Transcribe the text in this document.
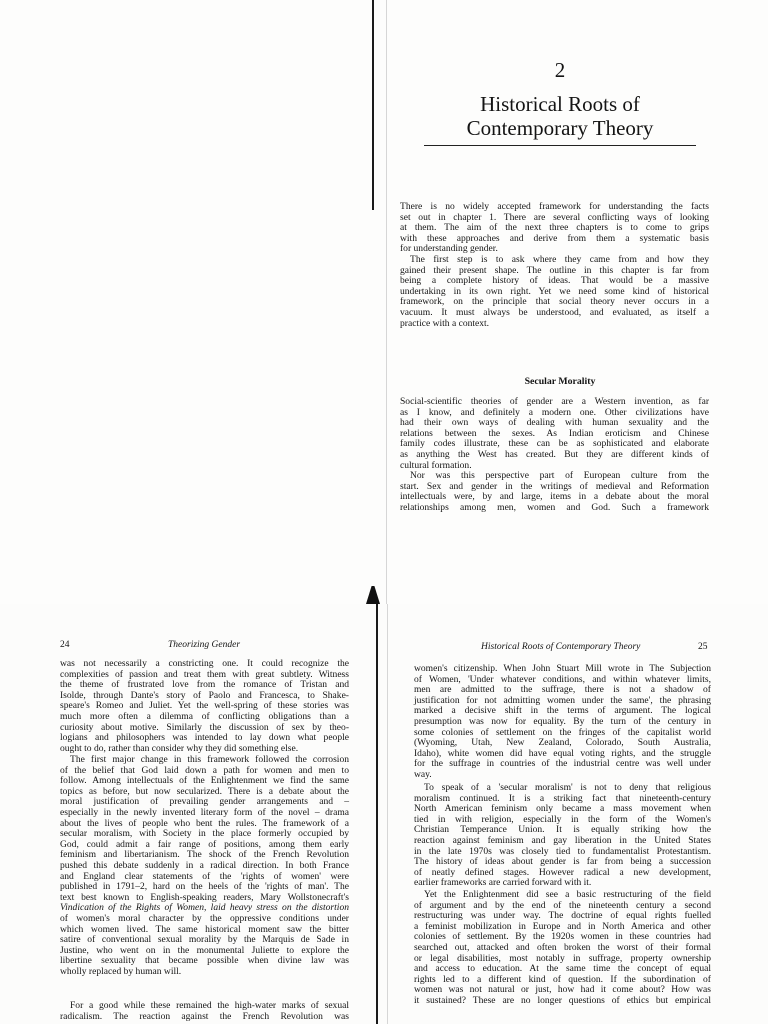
2
Historical Roots of
Contemporary Theory
There is no widely accepted framework for understanding the facts
set out in chapter 1. There are several conflicting ways of looking
at them. The aim of the next three chapters is to come to grips
with these approaches and derive from them a systematic basis
for understanding gender.
The first step is to ask where they came from and how they
gained their present shape. The outline in this chapter is far from
being a complete history of ideas. That would be a massive
undertaking in its own right. Yet we need some kind of historical
framework, on the principle that social theory never occurs in a
vacuum. It must always be understood, and evaluated, as itself a
practice with a context.
Secular Morality
Social-scientific theories of gender are a Western invention, as far
as I know, and definitely a modern one. Other civilizations have
had their own ways of dealing with human sexuality and the
relations between the sexes. As Indian eroticism and Chinese
family codes illustrate, these can be as sophisticated and elaborate
as anything the West has created. But they are different kinds of
cultural formation.
Nor was this perspective part of European culture from the
start. Sex and gender in the writings of medieval and Reformation
intellectuals were, by and large, items in a debate about the moral
relationships among men, women and God. Such a framework
24	Theorizing Gender
was not necessarily a constricting one. It could recognize the
complexities of passion and treat them with great subtlety. Witness
the theme of frustrated love from the romance of Tristan and
Isolde, through Dante's story of Paolo and Francesca, to Shake-
speare's Romeo and Juliet. Yet the well-spring of these stories was
much more often a dilemma of conflicting obligations than a
curiosity about motive. Similarly the discussion of sex by theo-
logians and philosophers was intended to lay down what people
ought to do, rather than consider why they did something else.
The first major change in this framework followed the corrosion
of the belief that God laid down a path for women and men to
follow. Among intellectuals of the Enlightenment we find the same
topics as before, but now secularized. There is a debate about the
moral justification of prevailing gender arrangements and –
especially in the newly invented literary form of the novel – drama
about the lives of people who bent the rules. The framework of a
secular moralism, with Society in the place formerly occupied by
God, could admit a fair range of positions, among them early
feminism and libertarianism. The shock of the French Revolution
pushed this debate suddenly in a radical direction. In both France
and England clear statements of the 'rights of women' were
published in 1791–2, hard on the heels of the 'rights of man'. The
text best known to English-speaking readers, Mary Wollstonecraft's
Vindication of the Rights of Women, laid heavy stress on the distortion
of women's moral character by the oppressive conditions under
which women lived. The same historical moment saw the bitter
satire of conventional sexual morality by the Marquis de Sade in
Justine, who went on in the monumental Juliette to explore the
libertine sexuality that became possible when divine law was
wholly replaced by human will.
For a good while these remained the high-water marks of sexual
radicalism. The reaction against the French Revolution was
Historical Roots of Contemporary Theory	25
women's citizenship. When John Stuart Mill wrote in The Subjection
of Women, 'Under whatever conditions, and within whatever limits,
men are admitted to the suffrage, there is not a shadow of
justification for not admitting women under the same', the phrasing
marked a decisive shift in the terms of argument. The logical
presumption was now for equality. By the turn of the century in
some colonies of settlement on the fringes of the capitalist world
(Wyoming, Utah, New Zealand, Colorado, South Australia,
Idaho), white women did have equal voting rights, and the struggle
for the suffrage in countries of the industrial centre was well under
way.
To speak of a 'secular moralism' is not to deny that religious
moralism continued. It is a striking fact that nineteenth-century
North American feminism only became a mass movement when
tied in with religion, especially in the form of the Women's
Christian Temperance Union. It is equally striking how the
reaction against feminism and gay liberation in the United States
in the late 1970s was closely tied to fundamentalist Protestantism.
The history of ideas about gender is far from being a succession
of neatly defined stages. However radical a new development,
earlier frameworks are carried forward with it.
Yet the Enlightenment did see a basic restructuring of the field
of argument and by the end of the nineteenth century a second
restructuring was under way. The doctrine of equal rights fuelled
a feminist mobilization in Europe and in North America and other
colonies of settlement. By the 1920s women in these countries had
searched out, attacked and often broken the worst of their formal
or legal disabilities, most notably in suffrage, property ownership
and access to education. At the same time the concept of equal
rights led to a different kind of question. If the subordination of
women was not natural or just, how had it come about? How was
it sustained? These are no longer questions of ethics but empirical
